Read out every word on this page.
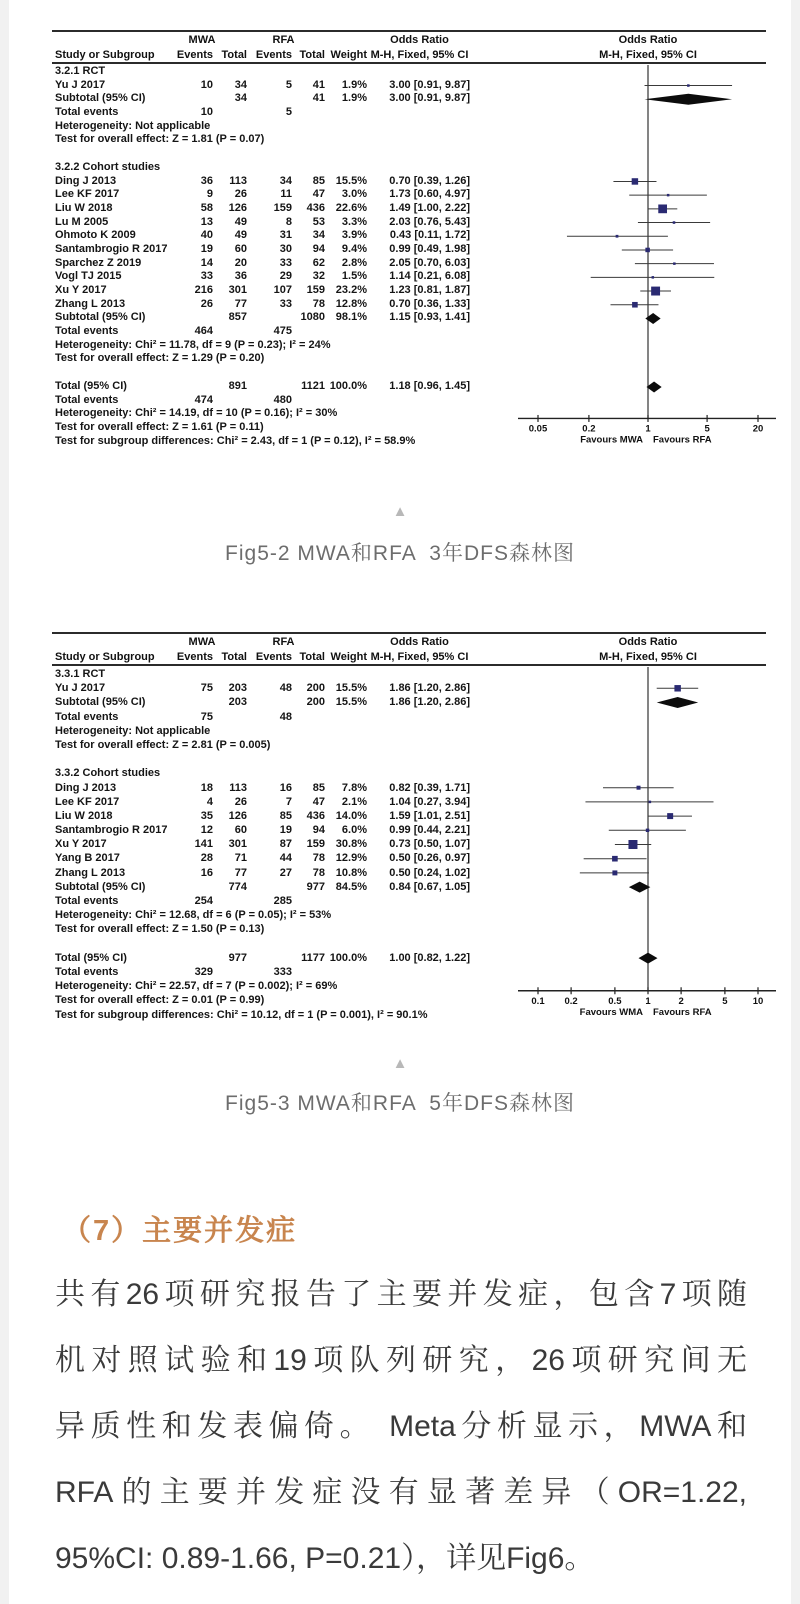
MWA	RFA	Odds Ratio	Odds Ratio
Study or Subgroup	Events Total Events Total Weight M-H, Fixed, 95% CI	M-H, Fixed, 95% CI
3.2.1 RCT
Yu J 2017	10	34	5	41	1.9%	3.00 [0.91, 9.87]
Subtotal (95% CI)	34	41	1.9%	3.00 [0.91, 9.87]
Total events	10	5
Heterogeneity: Not applicable
Test for overall effect: Z = 1.81 (P = 0.07)
3.2.2 Cohort studies
Ding J 2013	36	113	34	85 15.5%	0.70 [0.39, 1.26]
Lee KF 2017	9	26	11	47	3.0%	1.73 [0.60, 4.97]
Liu W 2018	58	126	159	436 22.6%	1.49 [1.00, 2.22]
Lu M 2005	13	49	8	53	3.3%	2.03 [0.76, 5.43]
Ohmoto K 2009	40	49	31	34	3.9%	0.43 [0.11, 1.72]
Santambrogio R 2017	19	60	30	94	9.4%	0.99 [0.49, 1.98]
Sparchez Z 2019	14	20	33	62	2.8%	2.05 [0.70, 6.03]
Vogl TJ 2015	33	36	29	32	1.5%	1.14 [0.21, 6.08]
Xu Y 2017	216	301	107	159 23.2%	1.23 [0.81, 1.87]
Zhang L 2013	26	77	33	78 12.8%	0.70 [0.36, 1.33]
Subtotal (95% CI)	857	1080 98.1%	1.15 [0.93, 1.41]
Total events	464	475
Heterogeneity: Chi² = 11.78, df = 9 (P = 0.23); I² = 24%
Test for overall effect: Z = 1.29 (P = 0.20)
Total (95% CI)	891	1121 100.0%	1.18 [0.96, 1.45]
Total events	474	480
Heterogeneity: Chi² = 14.19, df = 10 (P = 0.16); I² = 30%
Test for overall effect: Z = 1.61 (P = 0.11)
Test for subgroup differences: Chi² = 2.43, df = 1 (P = 0.12), I² = 58.9%
0.05	0.2	1	5	20
Favours MWA Favours RFA
▲
Fig5-2 MWA和RFA  3年DFS森林图
MWA	RFA	Odds Ratio	Odds Ratio
Study or Subgroup	Events Total Events Total Weight M-H, Fixed, 95% CI	M-H, Fixed, 95% CI
3.3.1 RCT
Yu J 2017	75	203	48	200 15.5%	1.86 [1.20, 2.86]
Subtotal (95% CI)	203	200 15.5%	1.86 [1.20, 2.86]
Total events	75	48
Heterogeneity: Not applicable
Test for overall effect: Z = 2.81 (P = 0.005)
3.3.2 Cohort studies
Ding J 2013	18	113	16	85	7.8%	0.82 [0.39, 1.71]
Lee KF 2017	4	26	7	47	2.1%	1.04 [0.27, 3.94]
Liu W 2018	35	126	85	436 14.0%	1.59 [1.01, 2.51]
Santambrogio R 2017	12	60	19	94	6.0%	0.99 [0.44, 2.21]
Xu Y 2017	141	301	87	159 30.8%	0.73 [0.50, 1.07]
Yang B 2017	28	71	44	78 12.9%	0.50 [0.26, 0.97]
Zhang L 2013	16	77	27	78 10.8%	0.50 [0.24, 1.02]
Subtotal (95% CI)	774	977 84.5%	0.84 [0.67, 1.05]
Total events	254	285
Heterogeneity: Chi² = 12.68, df = 6 (P = 0.05); I² = 53%
Test for overall effect: Z = 1.50 (P = 0.13)
Total (95% CI)	977	1177 100.0%	1.00 [0.82, 1.22]
Total events	329	333
Heterogeneity: Chi² = 22.57, df = 7 (P = 0.002); I² = 69%
Test for overall effect: Z = 0.01 (P = 0.99)
Test for subgroup differences: Chi² = 10.12, df = 1 (P = 0.001), I² = 90.1%
0.1 0.2	0.5	1	2	5	10
Favours WMA Favours RFA
▲
Fig5-3 MWA和RFA  5年DFS森林图
（7）主要并发症
共有26项研究报告了主要并发症，包含7项随
机对照试验和19项队列研究，26项研究间无
异质性和发表偏倚。 Meta分析显示，MWA和
RFA的主要并发症没有显著差异（OR=1.22,
95%CI: 0.89-1.66, P=0.21），详见Fig6。
